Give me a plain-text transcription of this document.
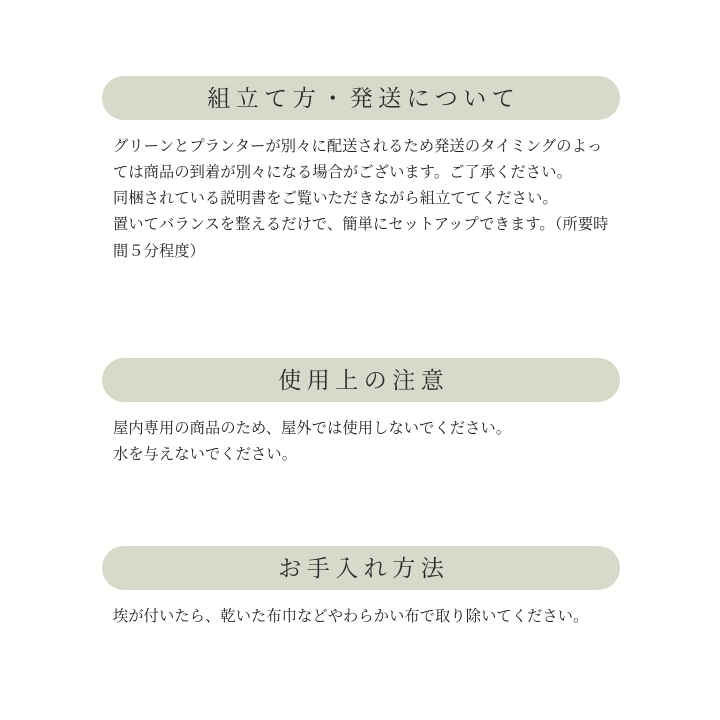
組立て方・発送について

グリーンとプランターが別々に配送されるため発送のタイミングのよっては商品の到着が別々になる場合がございます。ご了承ください。

同梱されている説明書をご覧いただきながら組立ててください。

置いてバランスを整えるだけで、簡単にセットアップできます。（所要時間５分程度）

使用上の注意

屋内専用の商品のため、屋外では使用しないでください。

水を与えないでください。

お手入れ方法

埃が付いたら、乾いた布巾などやわらかい布で取り除いてください。
